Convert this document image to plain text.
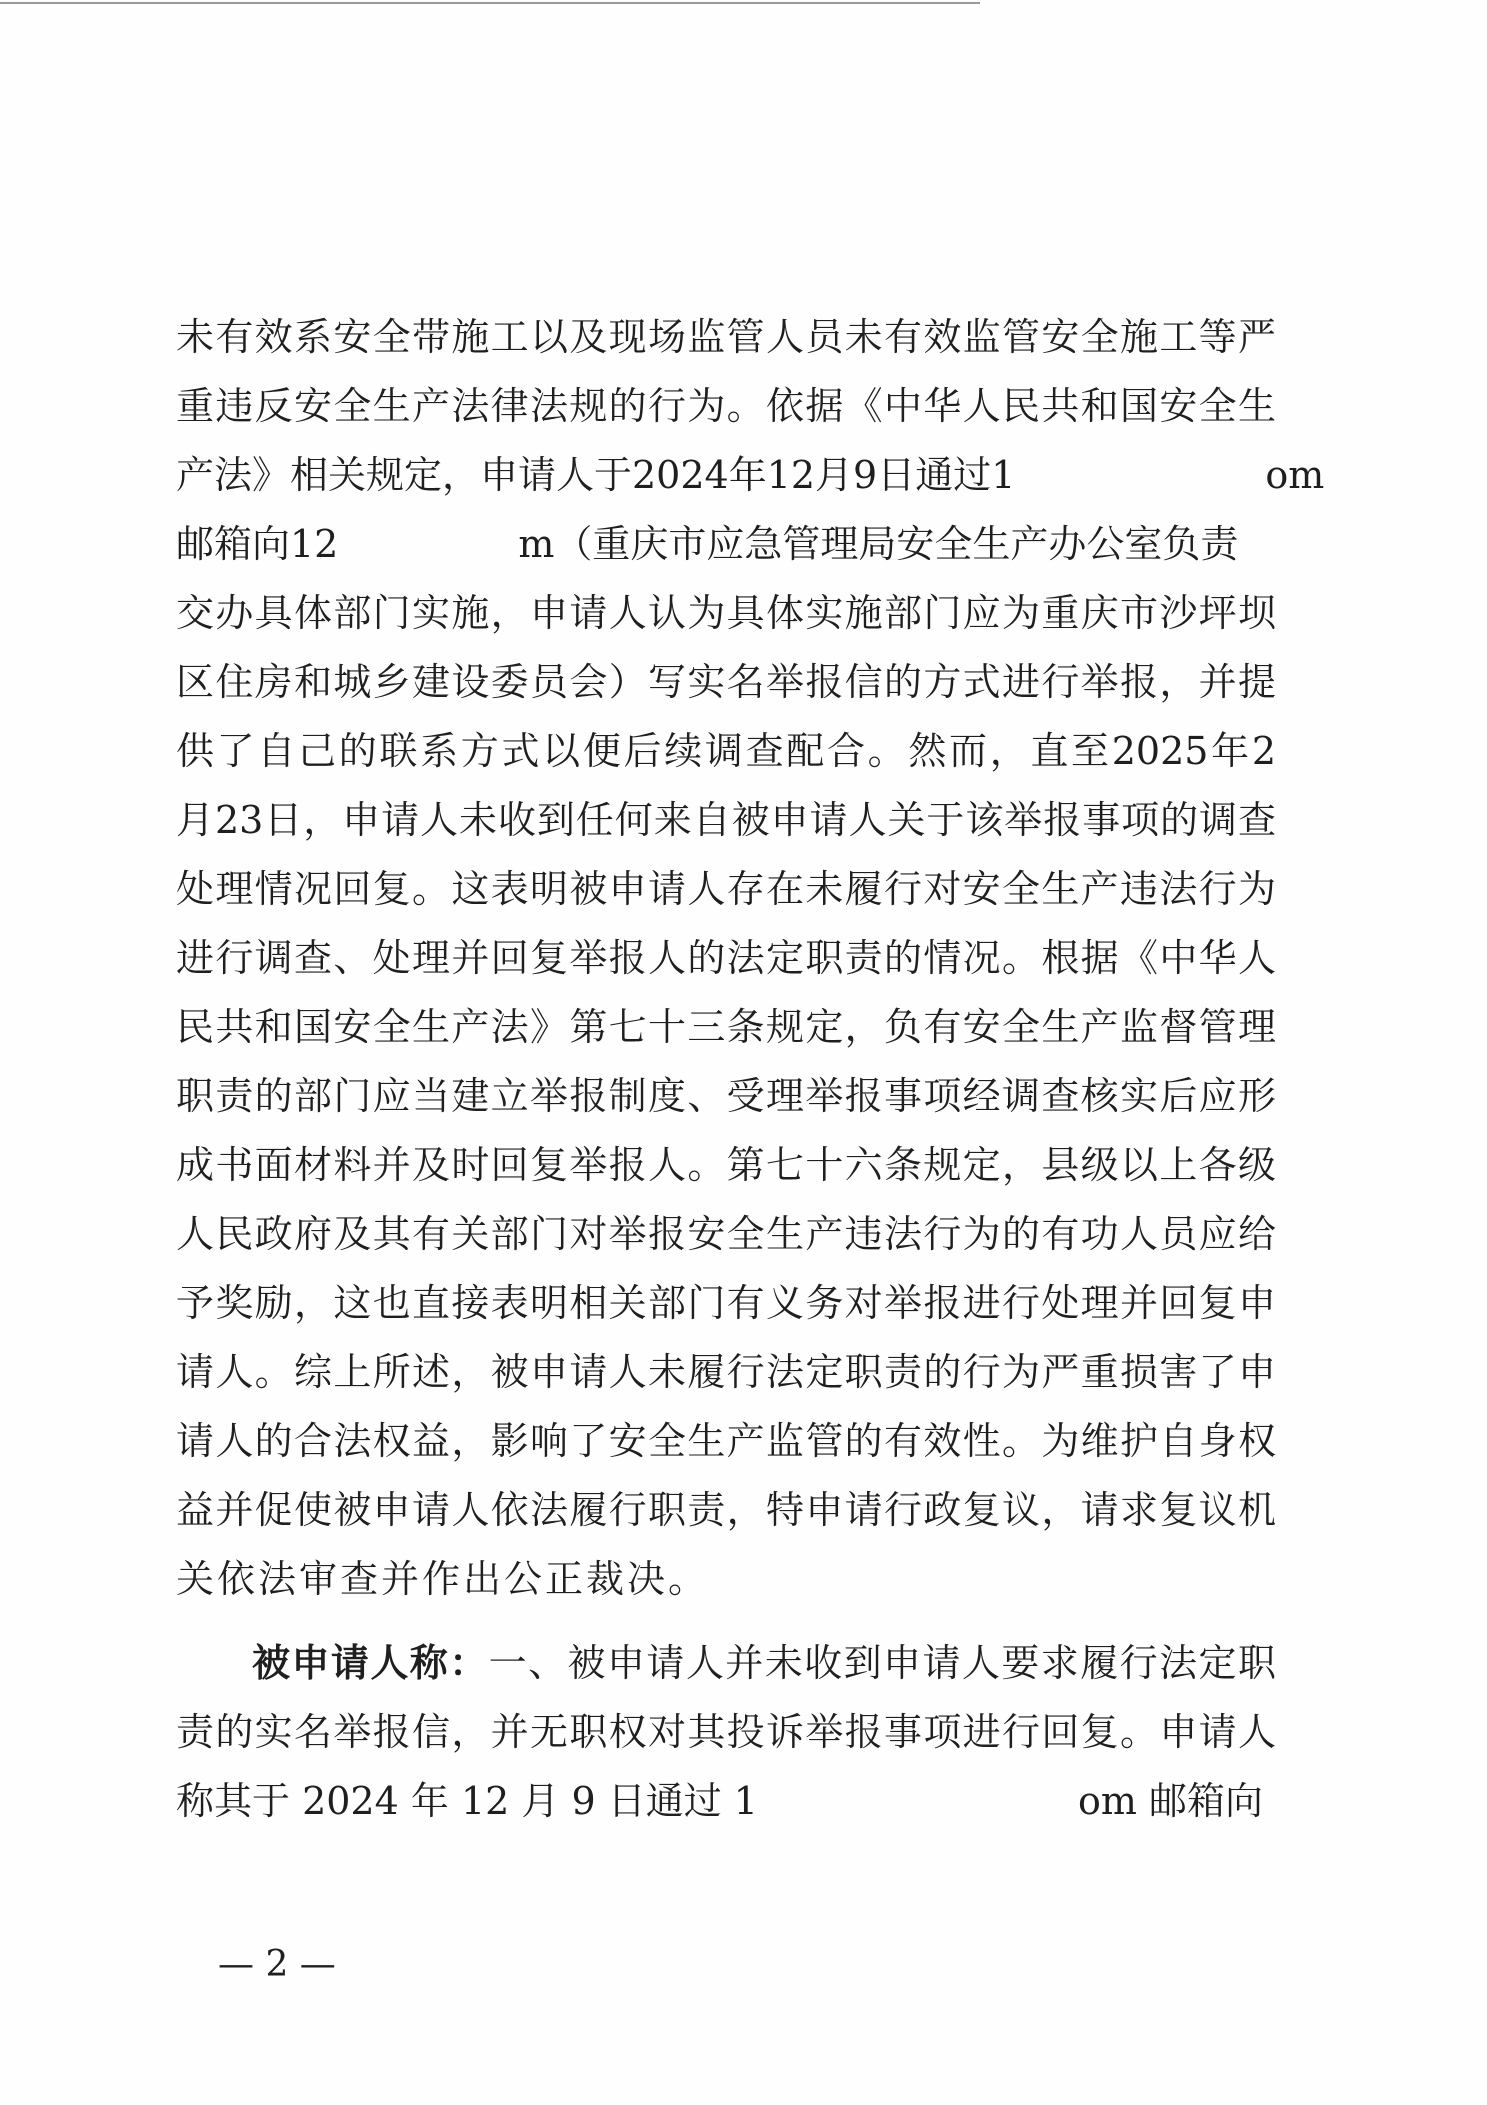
未有效系安全带施工以及现场监管人员未有效监管安全施工等严
重违反安全生产法律法规的行为。依据《中华人民共和国安全生
产法》相关规定，申请人于2024年12月9日通过1	om
邮箱向12	m（重庆市应急管理局安全生产办公室负责
交办具体部门实施，申请人认为具体实施部门应为重庆市沙坪坝
区住房和城乡建设委员会）写实名举报信的方式进行举报，并提
供了自己的联系方式以便后续调查配合。然而，直至2025年2
月23日，申请人未收到任何来自被申请人关于该举报事项的调查
处理情况回复。这表明被申请人存在未履行对安全生产违法行为
进行调查、处理并回复举报人的法定职责的情况。根据《中华人
民共和国安全生产法》第七十三条规定，负有安全生产监督管理
职责的部门应当建立举报制度、受理举报事项经调查核实后应形
成书面材料并及时回复举报人。第七十六条规定，县级以上各级
人民政府及其有关部门对举报安全生产违法行为的有功人员应给
予奖励，这也直接表明相关部门有义务对举报进行处理并回复申
请人。综上所述，被申请人未履行法定职责的行为严重损害了申
请人的合法权益，影响了安全生产监管的有效性。为维护自身权
益并促使被申请人依法履行职责，特申请行政复议，请求复议机
关依法审查并作出公正裁决。
被申请人称：一、被申请人并未收到申请人要求履行法定职
责的实名举报信，并无职权对其投诉举报事项进行回复。申请人
称其于 2024 年 12 月 9 日通过 1	om 邮箱向
— 2 —
